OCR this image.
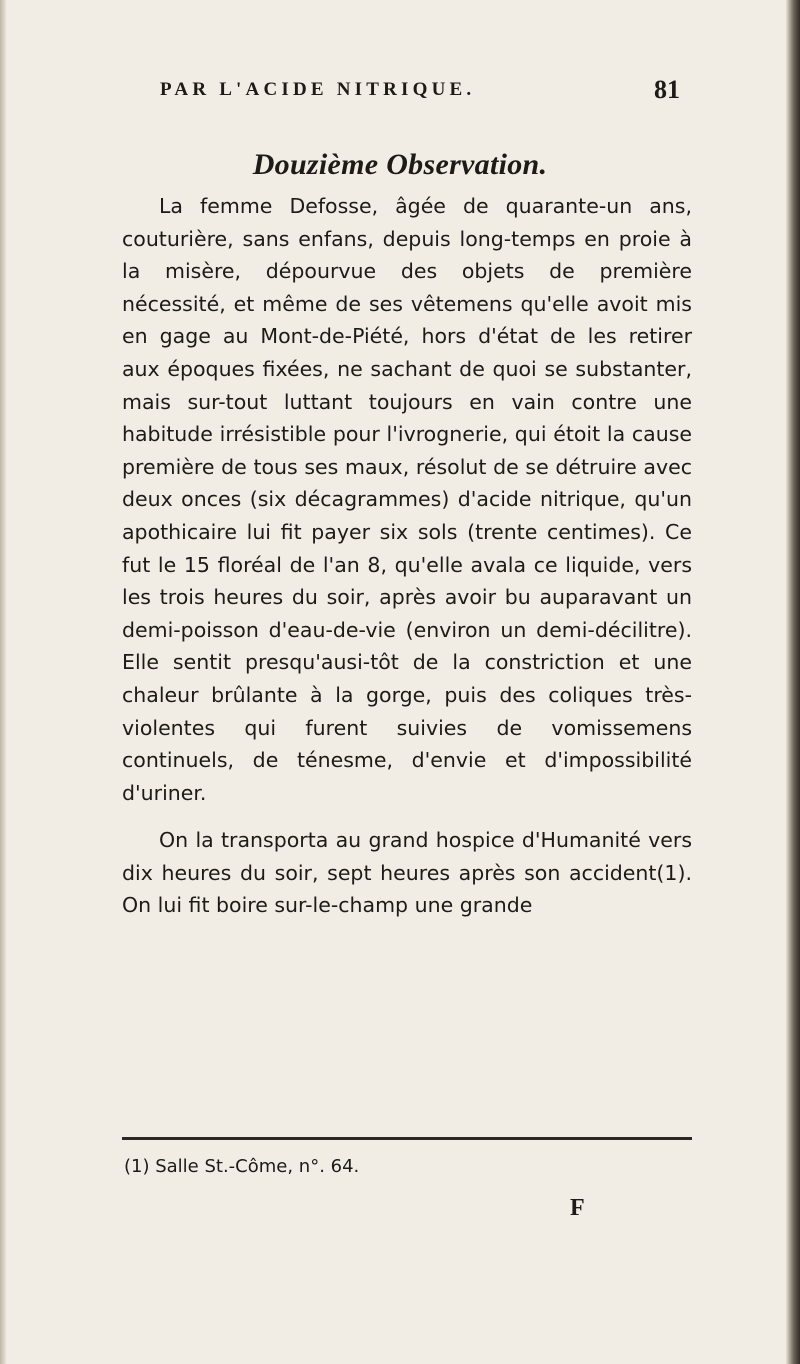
PAR L'ACIDE NITRIQUE.	81
Douzième Observation.

La femme Defosse, âgée de quarante-un ans, couturière, sans enfans, depuis long-temps en proie à la misère, dépourvue des objets de première nécessité, et même de ses vêtemens qu'elle avoit mis en gage au Mont-de-Piété, hors d'état de les retirer aux époques fixées, ne sachant de quoi se substanter, mais sur-tout luttant toujours en vain contre une habitude irrésistible pour l'ivrognerie, qui étoit la cause première de tous ses maux, résolut de se détruire avec deux onces (six décagrammes) d'acide nitrique, qu'un apothicaire lui fit payer six sols (trente centimes). Ce fut le 15 floréal de l'an 8, qu'elle avala ce liquide, vers les trois heures du soir, après avoir bu auparavant un demi-poisson d'eau-de-vie (environ un demi-décilitre). Elle sentit presqu'ausi-tôt de la constriction et une chaleur brûlante à la gorge, puis des coliques très-violentes qui furent suivies de vomissemens continuels, de ténesme, d'envie et d'impossibilité d'uriner.

On la transporta au grand hospice d'Humanité vers dix heures du soir, sept heures après son accident(1). On lui fit boire sur-le-champ une grande

(1) Salle St.-Côme, n°. 64.
F
